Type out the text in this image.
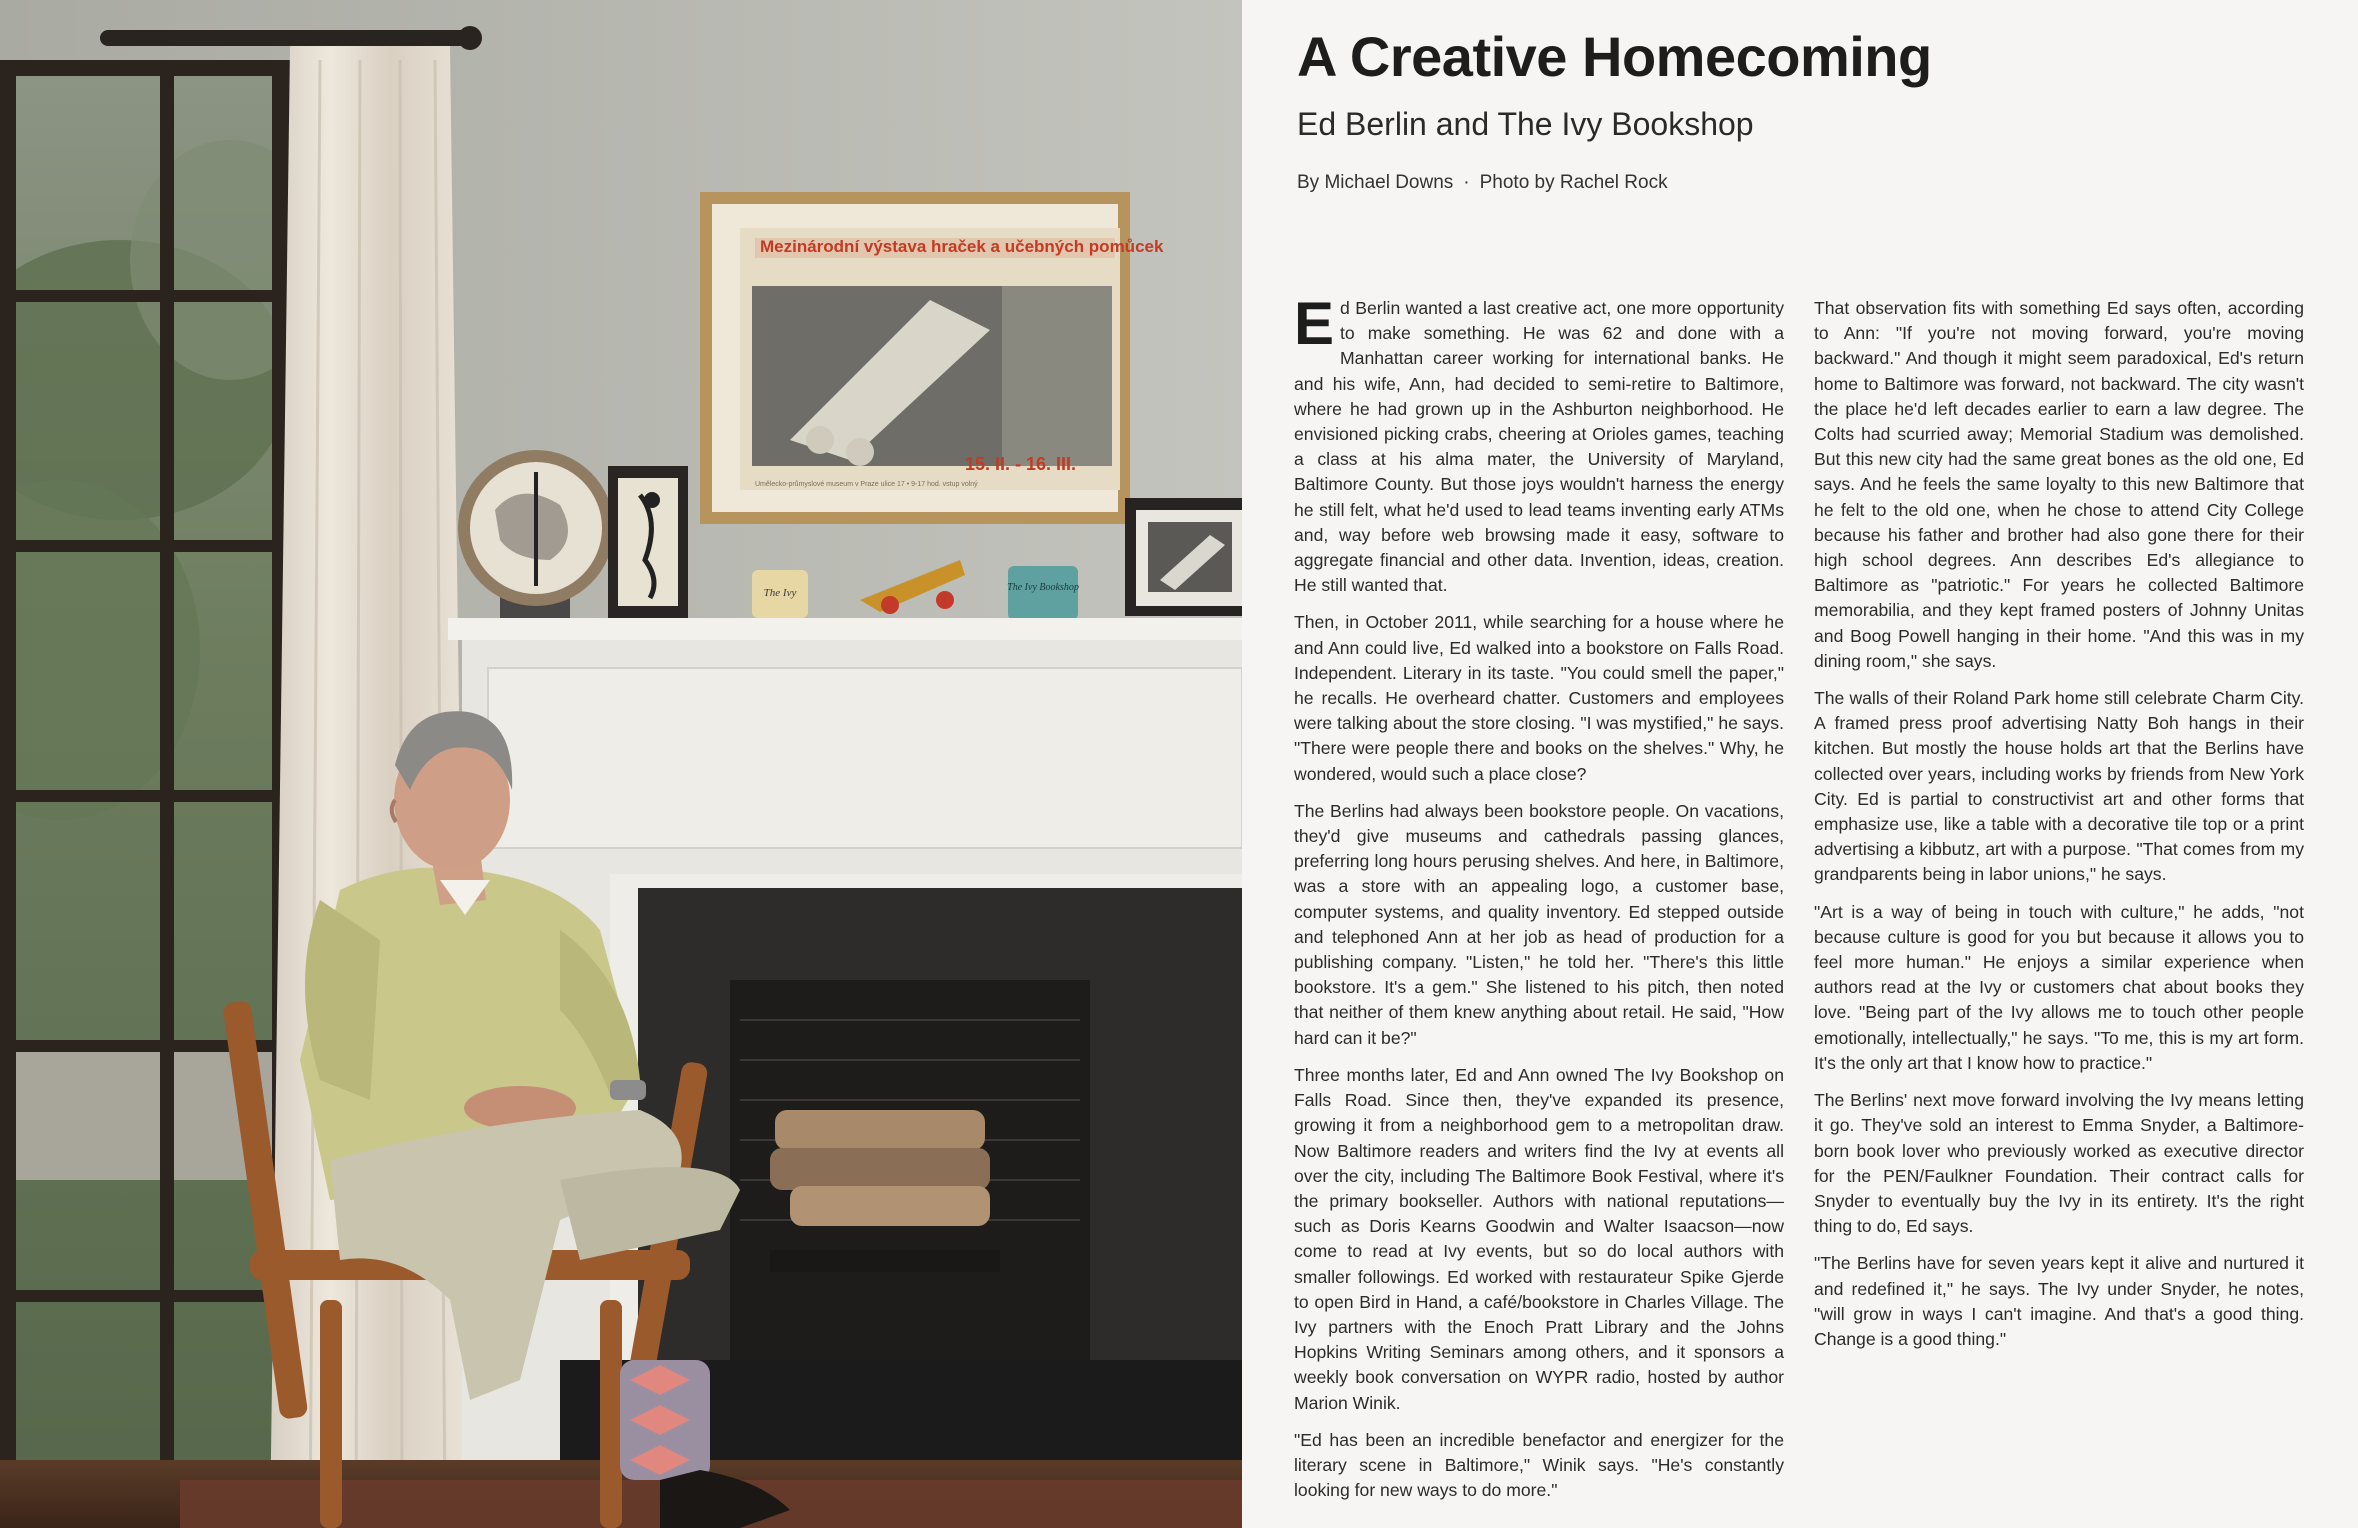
Mezinárodní výstava hraček a učebných pomůcek
15. II. - 16. III.
Umělecko-průmyslové museum v Praze ulice 17 • 9-17 hod. vstup volný
The Ivy	The Ivy Bookshop
A Creative Homecoming
Ed Berlin and The Ivy Bookshop

By Michael Downs · Photo by Rachel Rock

Ed Berlin wanted a last creative act, one more opportunity to make something. He was 62 and done with a Manhattan career working for international banks. He and his wife, Ann, had decided to semi-retire to Baltimore, where he had grown up in the Ashburton neighborhood. He envisioned picking crabs, cheering at Orioles games, teaching a class at his alma mater, the University of Maryland, Baltimore County. But those joys wouldn't harness the energy he still felt, what he'd used to lead teams inventing early ATMs and, way before web browsing made it easy, software to aggregate financial and other data. Invention, ideas, creation. He still wanted that.

Then, in October 2011, while searching for a house where he and Ann could live, Ed walked into a bookstore on Falls Road. Independent. Literary in its taste. "You could smell the paper," he recalls. He overheard chatter. Customers and employees were talking about the store closing. "I was mystified," he says. "There were people there and books on the shelves." Why, he wondered, would such a place close?

The Berlins had always been bookstore people. On vacations, they'd give museums and cathedrals passing glances, preferring long hours perusing shelves. And here, in Baltimore, was a store with an appealing logo, a customer base, computer systems, and quality inventory. Ed stepped outside and telephoned Ann at her job as head of production for a publishing company. "Listen," he told her. "There's this little bookstore. It's a gem." She listened to his pitch, then noted that neither of them knew anything about retail. He said, "How hard can it be?"

Three months later, Ed and Ann owned The Ivy Bookshop on Falls Road. Since then, they've expanded its presence, growing it from a neighborhood gem to a metropolitan draw. Now Baltimore readers and writers find the Ivy at events all over the city, including The Baltimore Book Festival, where it's the primary bookseller. Authors with national reputations—such as Doris Kearns Goodwin and Walter Isaacson—now come to read at Ivy events, but so do local authors with smaller followings. Ed worked with restaurateur Spike Gjerde to open Bird in Hand, a café/bookstore in Charles Village. The Ivy partners with the Enoch Pratt Library and the Johns Hopkins Writing Seminars among others, and it sponsors a weekly book conversation on WYPR radio, hosted by author Marion Winik.

"Ed has been an incredible benefactor and energizer for the literary scene in Baltimore," Winik says. "He's constantly looking for new ways to do more."

That observation fits with something Ed says often, according to Ann: "If you're not moving forward, you're moving backward." And though it might seem paradoxical, Ed's return home to Baltimore was forward, not backward. The city wasn't the place he'd left decades earlier to earn a law degree. The Colts had scurried away; Memorial Stadium was demolished. But this new city had the same great bones as the old one, Ed says. And he feels the same loyalty to this new Baltimore that he felt to the old one, when he chose to attend City College because his father and brother had also gone there for their high school degrees. Ann describes Ed's allegiance to Baltimore as "patriotic." For years he collected Baltimore memorabilia, and they kept framed posters of Johnny Unitas and Boog Powell hanging in their home. "And this was in my dining room," she says.

The walls of their Roland Park home still celebrate Charm City. A framed press proof advertising Natty Boh hangs in their kitchen. But mostly the house holds art that the Berlins have collected over years, including works by friends from New York City. Ed is partial to constructivist art and other forms that emphasize use, like a table with a decorative tile top or a print advertising a kibbutz, art with a purpose. "That comes from my grandparents being in labor unions," he says.

"Art is a way of being in touch with culture," he adds, "not because culture is good for you but because it allows you to feel more human." He enjoys a similar experience when authors read at the Ivy or customers chat about books they love. "Being part of the Ivy allows me to touch other people emotionally, intellectually," he says. "To me, this is my art form. It's the only art that I know how to practice."

The Berlins' next move forward involving the Ivy means letting it go. They've sold an interest to Emma Snyder, a Baltimore-born book lover who previously worked as executive director for the PEN/Faulkner Foundation. Their contract calls for Snyder to eventually buy the Ivy in its entirety. It's the right thing to do, Ed says.

"The Berlins have for seven years kept it alive and nurtured it and redefined it," he says. The Ivy under Snyder, he notes, "will grow in ways I can't imagine. And that's a good thing. Change is a good thing."
